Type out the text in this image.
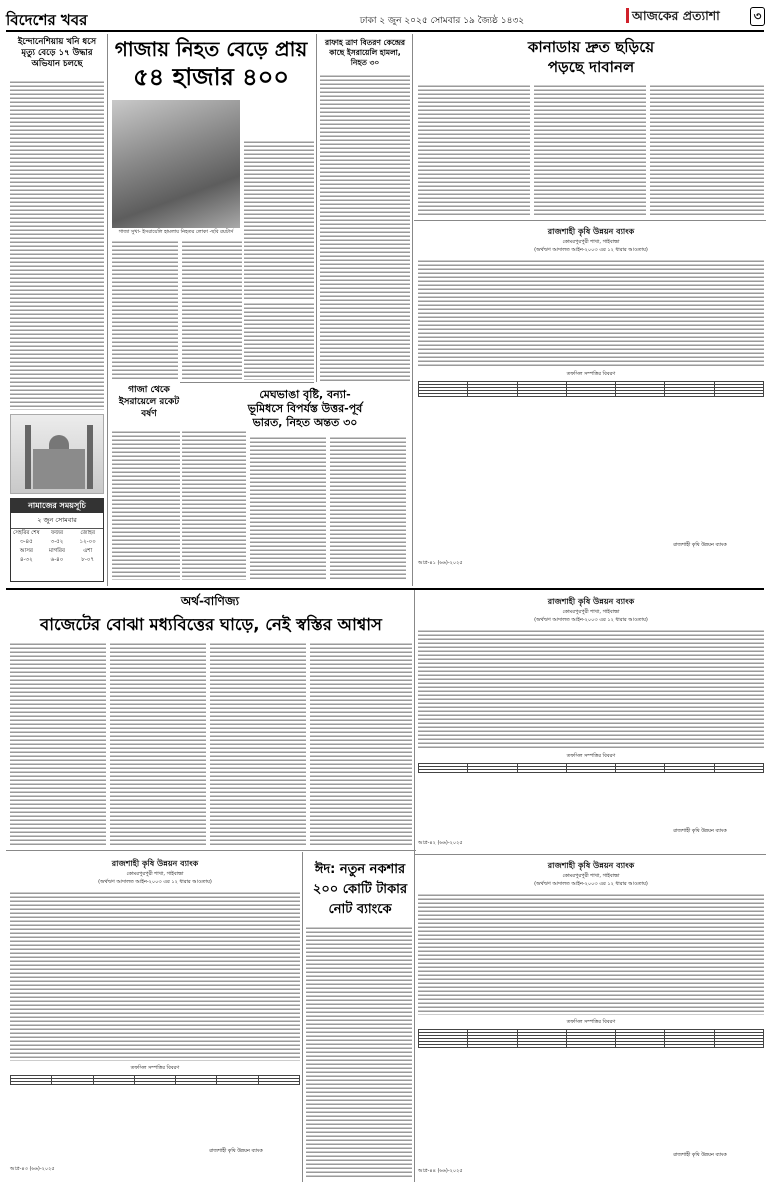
বিদেশের খবর	ঢাকা ২ জুন ২০২৫ সোমবার ১৯ জ্যৈষ্ঠ ১৪৩২	আজকের প্রত্যাশা	৩
ইন্দোনেশিয়ায় খনি ধসে মৃত্যু বেড়ে ১৭ উদ্ধার অভিযান চলছে
নামাজের সময়সূচি
২ জুন সোমবার
সেহরির শেষ	ফজর	জোহর
৩-৪৫	৩-৫২	১২-০০
আসর	মাগরিব	এশা
৪-৩২	৬-৪০	৮-০৭
গাজায় নিহত বেড়ে প্রায়
৫৪ হাজার ৪০০
গাজা সুখা- ইসরায়েলি হামলায় নিহতর লোকা -ছবি রয়টার্স
গাজা থেকে ইসরায়েলে রকেট বর্ষণ
মেঘভাঙা বৃষ্টি, বন্যা-
ভূমিধসে বিপর্যস্ত উত্তর-পূর্ব
ভারত, নিহত অন্তত ৩০
রাফাহ ত্রাণ বিতরণ কেন্দ্রের কাছে ইসরায়েলি হামলা, নিহত ৩০
কানাডায় দ্রুত ছড়িয়ে
পড়ছে দাবানল
রাজশাহী কৃষি উন্নয়ন ব্যাংক
কোমরপুরপুরী শাখা, গাইবান্ধা
(অর্থঋণ আদালত আইন-২০০৩ এর ১২ ধারার আওতায়)
তফসিল সম্পত্তির বিবরণ

রাজশাহী কৃষি উন্নয়ন ব্যাংক
আপ্র-৪১ (৬৬)-২০২৫
অর্থ-বাণিজ্য
বাজেটের বোঝা মধ্যবিত্তের ঘাড়ে, নেই স্বস্তির আশ্বাস
রাজশাহী কৃষি উন্নয়ন ব্যাংক
কোমরপুরপুরী শাখা, গাইবান্ধা
(অর্থঋণ আদালত আইন-২০০৩ এর ১২ ধারার আওতায়)
তফসিল সম্পত্তির বিবরণ

রাজশাহী কৃষি উন্নয়ন ব্যাংক
আপ্র-৪২ (৬৬)-২০২৫
রাজশাহী কৃষি উন্নয়ন ব্যাংক
কোমরপুরপুরী শাখা, গাইবান্ধা
(অর্থঋণ আদালত আইন-২০০৩ এর ১২ ধারার আওতায়)
তফসিল সম্পত্তির বিবরণ

রাজশাহী কৃষি উন্নয়ন ব্যাংক
আপ্র-৪৩ (৬৬)-২০২৫
ঈদ: নতুন নকশার
২০০ কোটি টাকার
নোট ব্যাংকে
রাজশাহী কৃষি উন্নয়ন ব্যাংক
কোমরপুরপুরী শাখা, গাইবান্ধা
(অর্থঋণ আদালত আইন-২০০৩ এর ১২ ধারার আওতায়)
তফসিল সম্পত্তির বিবরণ

রাজশাহী কৃষি উন্নয়ন ব্যাংক
আপ্র-৪৪ (৬৬)-২০২৫
